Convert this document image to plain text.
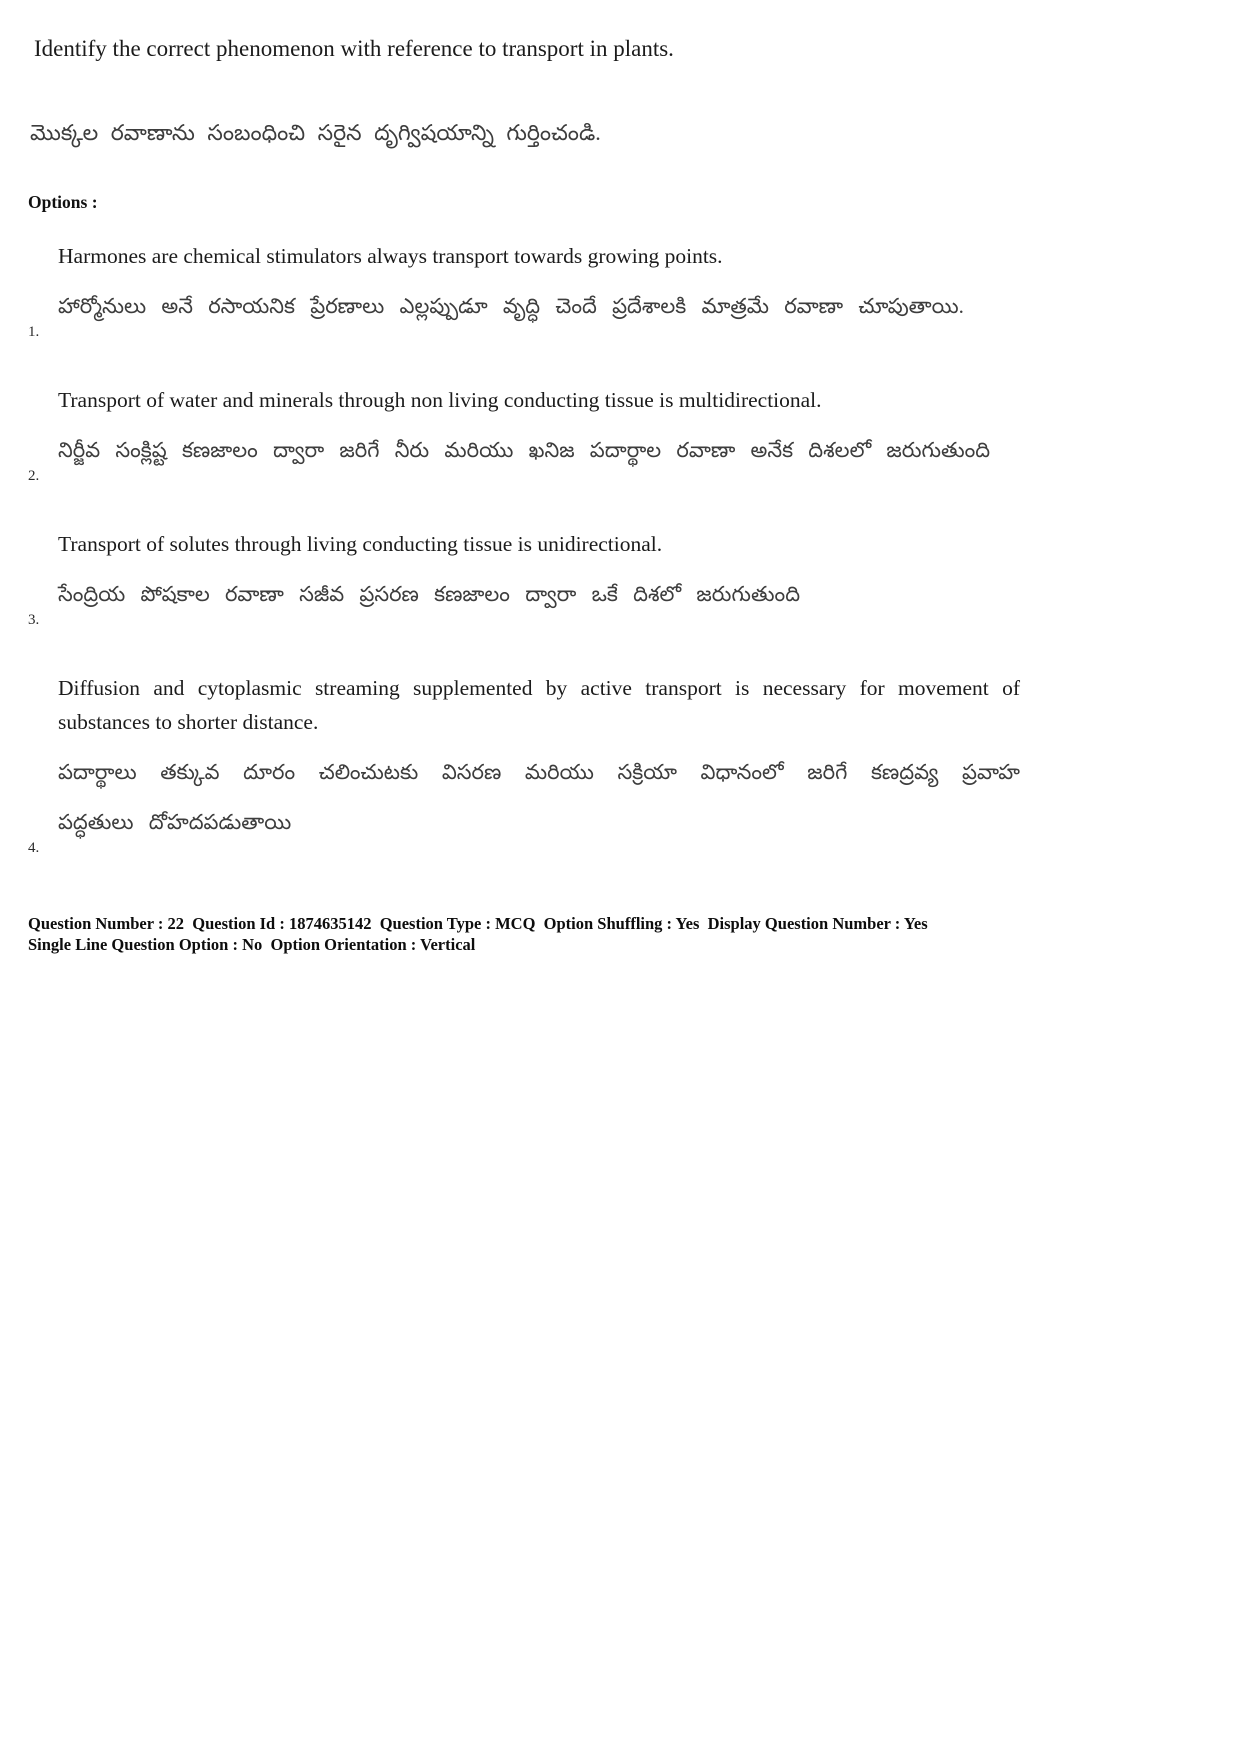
Identify the correct phenomenon with reference to transport in plants.

మొక్కల రవాణాను సంబంధించి సరైన దృగ్విషయాన్ని గుర్తించండి.

Options :

1.

Harmones are chemical stimulators always transport towards growing points.

హార్మోనులు అనే రసాయనిక ప్రేరణాలు ఎల్లప్పుడూ వృద్ధి చెందే ప్రదేశాలకి మాత్రమే రవాణా చూపుతాయి.

2.

Transport of water and minerals through non living conducting tissue is multidirectional.

నిర్జీవ సంక్లిష్ట కణజాలం ద్వారా జరిగే నీరు మరియు ఖనిజ పదార్థాల రవాణా అనేక దిశలలో జరుగుతుంది

3.

Transport of solutes through living conducting tissue is unidirectional.

సేంద్రియ పోషకాల రవాణా సజీవ ప్రసరణ కణజాలం ద్వారా ఒకే దిశలో జరుగుతుంది

4.

Diffusion and cytoplasmic streaming supplemented by active transport is necessary for movement of substances to shorter distance.

పదార్థాలు తక్కువ దూరం చలించుటకు విసరణ మరియు సక్రియా విధానంలో జరిగే కణద్రవ్య ప్రవాహ పద్ధతులు దోహదపడుతాయి

Question Number : 22  Question Id : 1874635142  Question Type : MCQ  Option Shuffling : Yes  Display Question Number : Yes
Single Line Question Option : No  Option Orientation : Vertical
